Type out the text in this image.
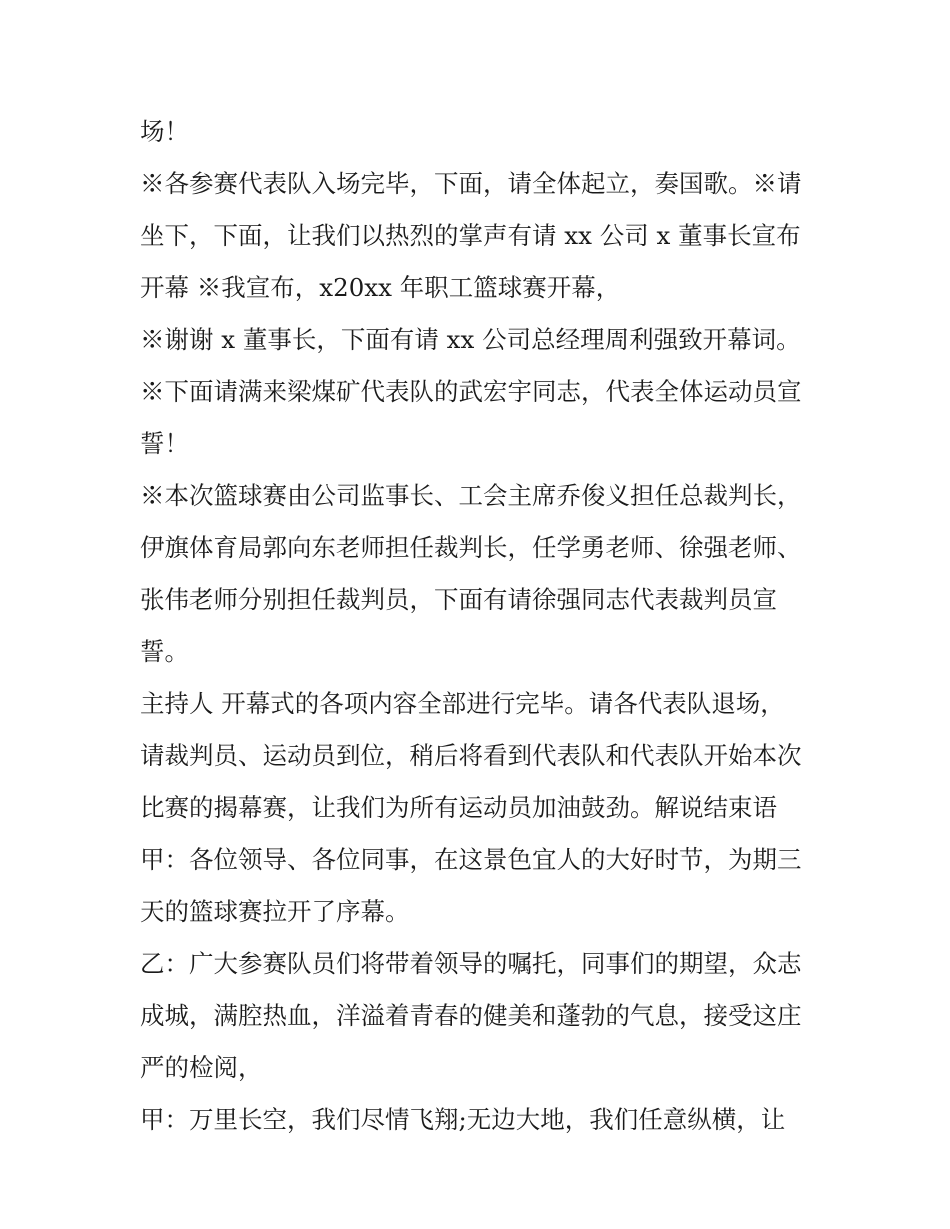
场！
※各参赛代表队入场完毕，下面，请全体起立，奏国歌。※请
坐下，下面，让我们以热烈的掌声有请 xx 公司 x 董事长宣布
开幕 ※我宣布，x20xx 年职工篮球赛开幕，
※谢谢 x 董事长，下面有请 xx 公司总经理周利强致开幕词。
※下面请满来梁煤矿代表队的武宏宇同志，代表全体运动员宣
誓！
※本次篮球赛由公司监事长、工会主席乔俊义担任总裁判长，
伊旗体育局郭向东老师担任裁判长，任学勇老师、徐强老师、
张伟老师分别担任裁判员，下面有请徐强同志代表裁判员宣
誓。
主持人 开幕式的各项内容全部进行完毕。请各代表队退场，
请裁判员、运动员到位，稍后将看到代表队和代表队开始本次
比赛的揭幕赛，让我们为所有运动员加油鼓劲。解说结束语
甲：各位领导、各位同事，在这景色宜人的大好时节，为期三
天的篮球赛拉开了序幕。
乙：广大参赛队员们将带着领导的嘱托，同事们的期望，众志
成城，满腔热血，洋溢着青春的健美和蓬勃的气息，接受这庄
严的检阅，
甲：万里长空，我们尽情飞翔;无边大地，我们任意纵横，让
